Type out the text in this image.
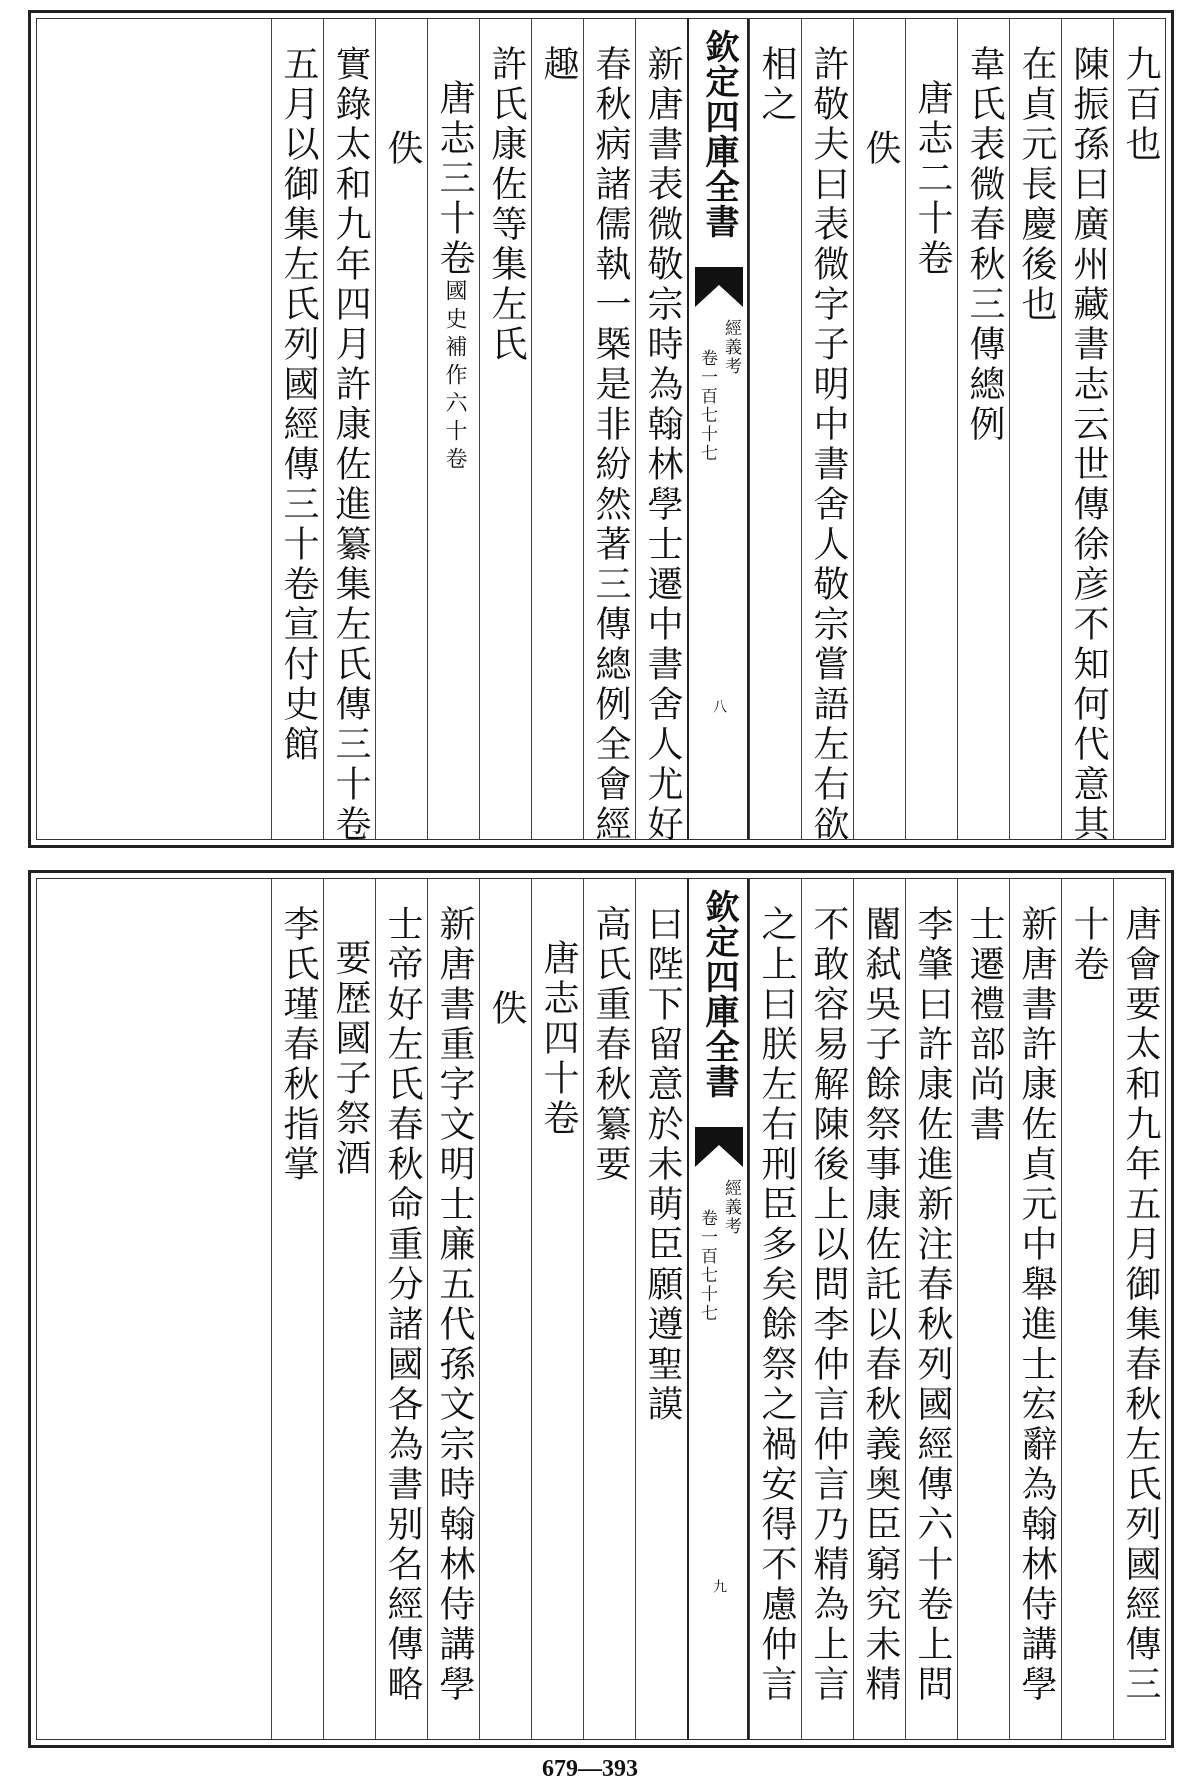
九百也
陳振孫曰廣州藏書志云世傳徐彦不知何代意其
在貞元長慶後也
韋氏表微春秋三傳總例
唐志二十卷
佚
許敬夫曰表微字子明中書舍人敬宗嘗語左右欲
相之
欽定四庫全書
經義考
卷一百七十七
八
新唐書表微敬宗時為翰林學士遷中書舍人尤好
春秋病諸儒執一槩是非紛然著三傳總例全會經
趣
許氏康佐等集左氏
唐志三十卷國史補作六十卷
佚
實錄太和九年四月許康佐進纂集左氏傳三十卷
五月以御集左氏列國經傳三十卷宣付史館
唐會要太和九年五月御集春秋左氏列國經傳三
十卷
新唐書許康佐貞元中舉進士宏辭為翰林侍講學
士遷禮部尚書
李肇曰許康佐進新注春秋列國經傳六十卷上問
閽弑吳子餘祭事康佐託以春秋義奥臣窮究未精
不敢容易解陳後上以問李仲言仲言乃精為上言
之上曰朕左右刑臣多矣餘祭之禍安得不慮仲言
欽定四庫全書
經義考
卷一百七十七
九
曰陛下留意於未萌臣願遵聖謨
高氏重春秋纂要
唐志四十卷
佚
新唐書重字文明士廉五代孫文宗時翰林侍講學
士帝好左氏春秋命重分諸國各為書别名經傳略
要歴國子祭酒
李氏瑾春秋指掌
679—393
